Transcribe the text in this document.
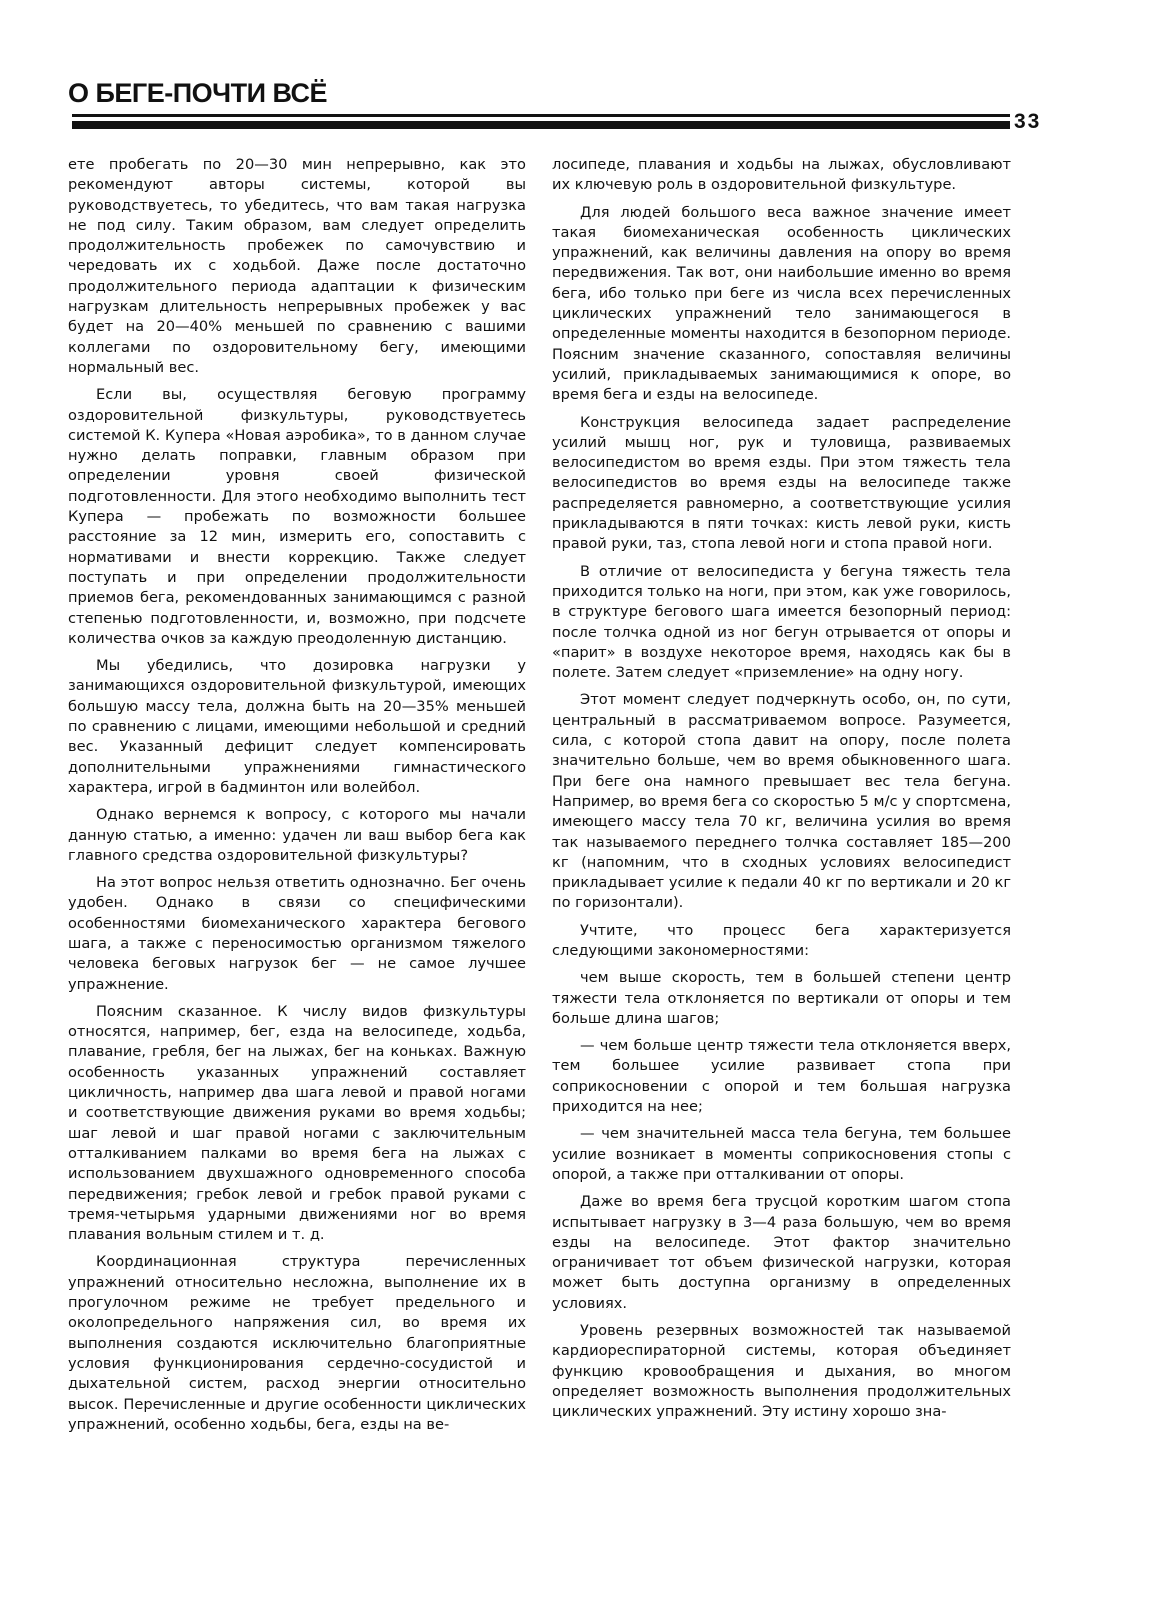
О БЕГЕ-ПОЧТИ ВСЁ
33

ете пробегать по 20—30 мин непрерывно, как это рекомендуют авторы системы, которой вы руководствуетесь, то убедитесь, что вам такая нагрузка не под силу. Таким образом, вам следует определить продолжительность пробежек по самочувствию и чередовать их с ходьбой. Даже после достаточно продолжительного периода адаптации к физическим нагрузкам длительность непрерывных пробежек у вас будет на 20—40% меньшей по сравнению с вашими коллегами по оздоровительному бегу, имеющими нормальный вес.

Если вы, осуществляя беговую программу оздоровительной физкультуры, руководствуетесь системой К. Купера «Новая аэробика», то в данном случае нужно делать поправки, главным образом при определении уровня своей физической подготовленности. Для этого необходимо выполнить тест Купера — пробежать по возможности большее расстояние за 12 мин, измерить его, сопоставить с нормативами и внести коррекцию. Также следует поступать и при определении продолжительности приемов бега, рекомендованных занимающимся с разной степенью подготовленности, и, возможно, при подсчете количества очков за каждую преодоленную дистанцию.

Мы убедились, что дозировка нагрузки у занимающихся оздоровительной физкультурой, имеющих большую массу тела, должна быть на 20—35% меньшей по сравнению с лицами, имеющими небольшой и средний вес. Указанный дефицит следует компенсировать дополнительными упражнениями гимнастического характера, игрой в бадминтон или волейбол.

Однако вернемся к вопросу, с которого мы начали данную статью, а именно: удачен ли ваш выбор бега как главного средства оздоровительной физкультуры?

На этот вопрос нельзя ответить однозначно. Бег очень удобен. Однако в связи со специфическими особенностями биомеханического характера бегового шага, а также с переносимостью организмом тяжелого человека беговых нагрузок бег — не самое лучшее упражнение.

Поясним сказанное. К числу видов физкультуры относятся, например, бег, езда на велосипеде, ходьба, плавание, гребля, бег на лыжах, бег на коньках. Важную особенность указанных упражнений составляет цикличность, например два шага левой и правой ногами и соответствующие движения руками во время ходьбы; шаг левой и шаг правой ногами с заключительным отталкиванием палками во время бега на лыжах с использованием двухшажного одновременного способа передвижения; гребок левой и гребок правой руками с тремя-четырьмя ударными движениями ног во время плавания вольным стилем и т. д.

Координационная структура перечисленных упражнений относительно несложна, выполнение их в прогулочном режиме не требует предельного и околопредельного напряжения сил, во время их выполнения создаются исключительно благоприятные условия функционирования сердечно-сосудистой и дыхательной систем, расход энергии относительно высок. Перечисленные и другие особенности циклических упражнений, особенно ходьбы, бега, езды на ве-

лосипеде, плавания и ходьбы на лыжах, обусловливают их ключевую роль в оздоровительной физкультуре.

Для людей большого веса важное значение имеет такая биомеханическая особенность циклических упражнений, как величины давления на опору во время передвижения. Так вот, они наибольшие именно во время бега, ибо только при беге из числа всех перечисленных циклических упражнений тело занимающегося в определенные моменты находится в безопорном периоде. Поясним значение сказанного, сопоставляя величины усилий, прикладываемых занимающимися к опоре, во время бега и езды на велосипеде.

Конструкция велосипеда задает распределение усилий мышц ног, рук и туловища, развиваемых велосипедистом во время езды. При этом тяжесть тела велосипедистов во время езды на велосипеде также распределяется равномерно, а соответствующие усилия прикладываются в пяти точках: кисть левой руки, кисть правой руки, таз, стопа левой ноги и стопа правой ноги.

В отличие от велосипедиста у бегуна тяжесть тела приходится только на ноги, при этом, как уже говорилось, в структуре бегового шага имеется безопорный период: после толчка одной из ног бегун отрывается от опоры и «парит» в воздухе некоторое время, находясь как бы в полете. Затем следует «приземление» на одну ногу.

Этот момент следует подчеркнуть особо, он, по сути, центральный в рассматриваемом вопросе. Разумеется, сила, с которой стопа давит на опору, после полета значительно больше, чем во время обыкновенного шага. При беге она намного превышает вес тела бегуна. Например, во время бега со скоростью 5 м/с у спортсмена, имеющего массу тела 70 кг, величина усилия во время так называемого переднего толчка составляет 185—200 кг (напомним, что в сходных условиях велосипедист прикладывает усилие к педали 40 кг по вертикали и 20 кг по горизонтали).

Учтите, что процесс бега характеризуется следующими закономерностями:

чем выше скорость, тем в большей степени центр тяжести тела отклоняется по вертикали от опоры и тем больше длина шагов;

— чем больше центр тяжести тела отклоняется вверх, тем большее усилие развивает стопа при соприкосновении с опорой и тем большая нагрузка приходится на нее;

— чем значительней масса тела бегуна, тем большее усилие возникает в моменты соприкосновения стопы с опорой, а также при отталкивании от опоры.

Даже во время бега трусцой коротким шагом стопа испытывает нагрузку в 3—4 раза большую, чем во время езды на велосипеде. Этот фактор значительно ограничивает тот объем физической нагрузки, которая может быть доступна организму в определенных условиях.

Уровень резервных возможностей так называемой кардиореспираторной системы, которая объединяет функцию кровообращения и дыхания, во многом определяет возможность выполнения продолжительных циклических упражнений. Эту истину хорошо зна-
